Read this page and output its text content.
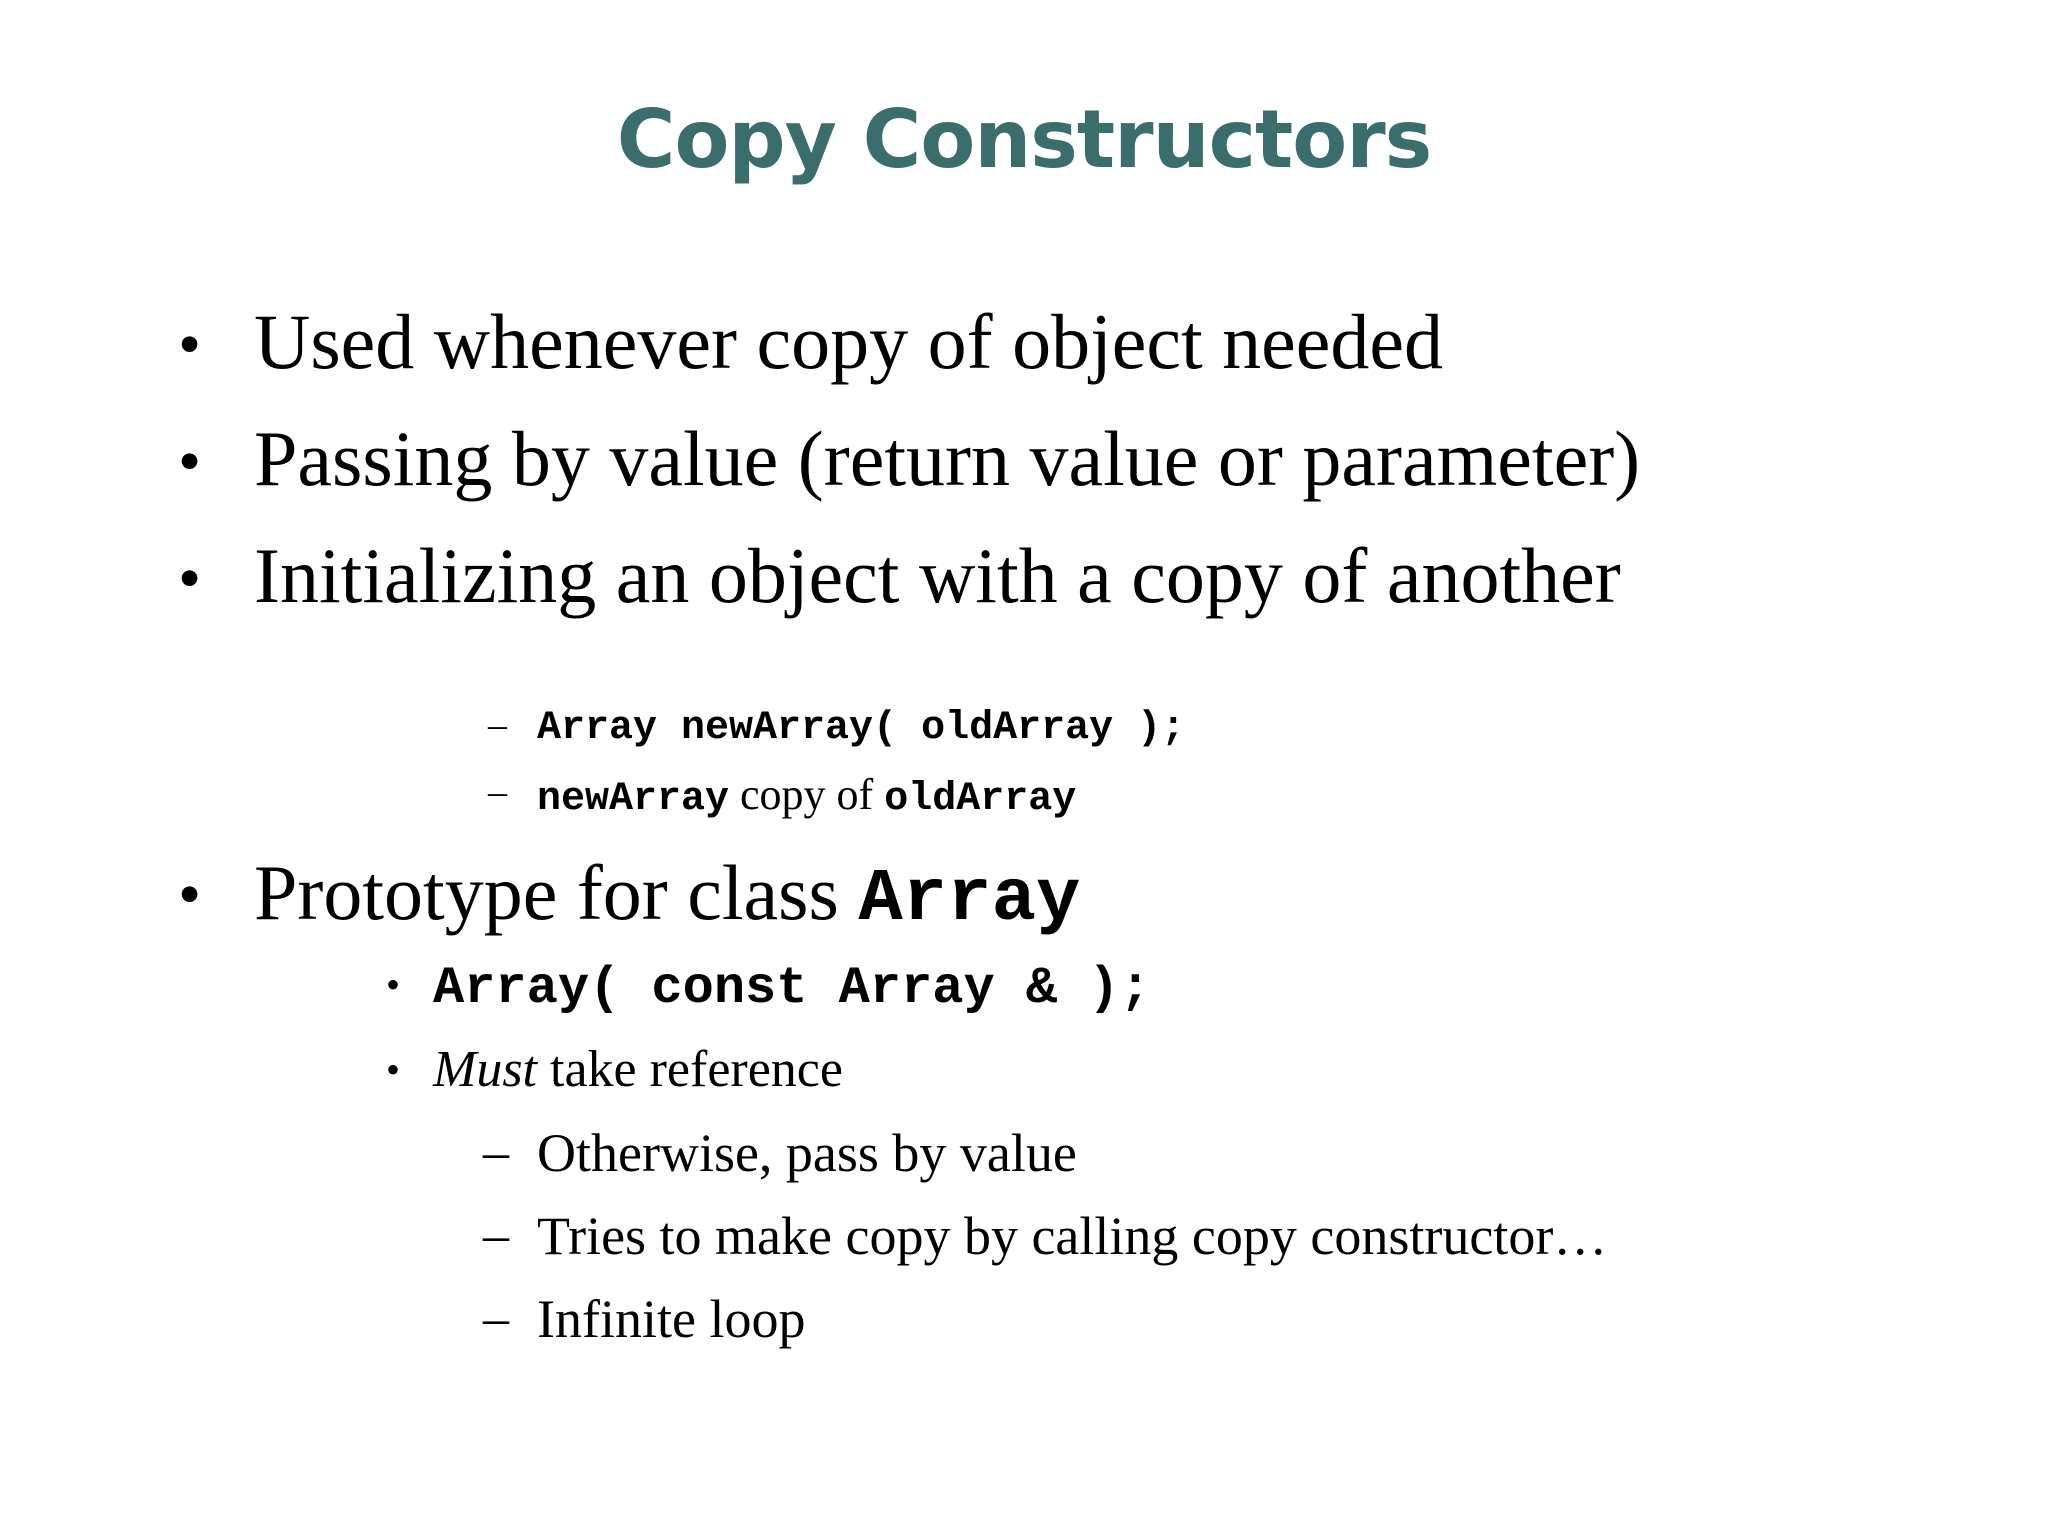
Copy Constructors
• Used whenever copy of object needed
• Passing by value (return value or parameter)
• Initializing an object with a copy of another
– Array newArray( oldArray );
– newArray copy of oldArray
• Prototype for class Array
• Array( const Array & );
• Must take reference
– Otherwise, pass by value
– Tries to make copy by calling copy constructor…
– Infinite loop
